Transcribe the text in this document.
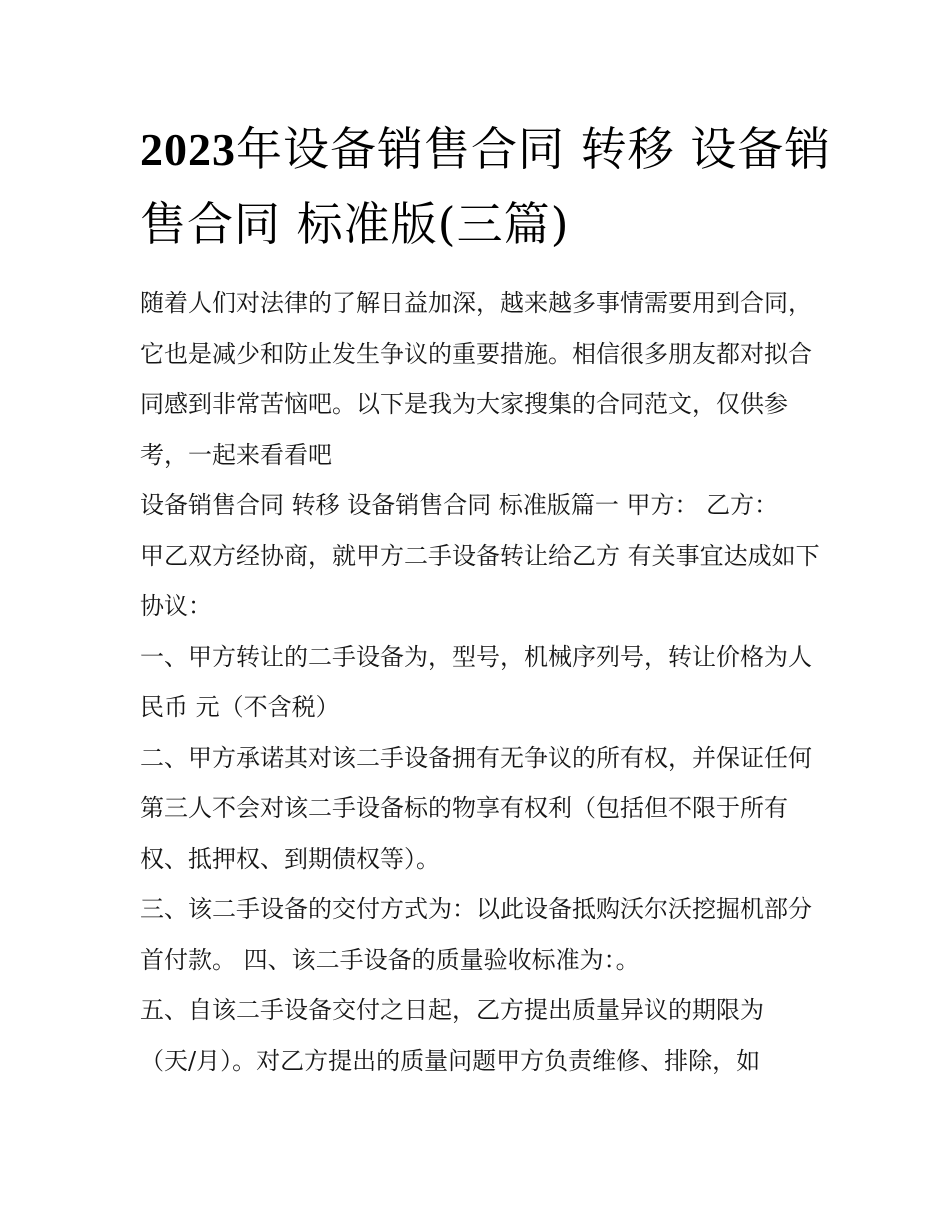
2023年设备销售合同 转移 设备销售合同 标准版(三篇)

随着人们对法律的了解日益加深，越来越多事情需要用到合同，它也是减少和防止发生争议的重要措施。相信很多朋友都对拟合同感到非常苦恼吧。以下是我为大家搜集的合同范文，仅供参考，一起来看看吧

设备销售合同 转移 设备销售合同 标准版篇一 甲方： 乙方：

甲乙双方经协商，就甲方二手设备转让给乙方 有关事宜达成如下协议：

一、甲方转让的二手设备为，型号，机械序列号，转让价格为人民币 元（不含税）

二、甲方承诺其对该二手设备拥有无争议的所有权，并保证任何第三人不会对该二手设备标的物享有权利（包括但不限于所有权、抵押权、到期债权等）。

三、该二手设备的交付方式为：以此设备抵购沃尔沃挖掘机部分首付款。 四、该二手设备的质量验收标准为：。

五、自该二手设备交付之日起，乙方提出质量异议的期限为（天/月）。对乙方提出的质量问题甲方负责维修、排除，如
